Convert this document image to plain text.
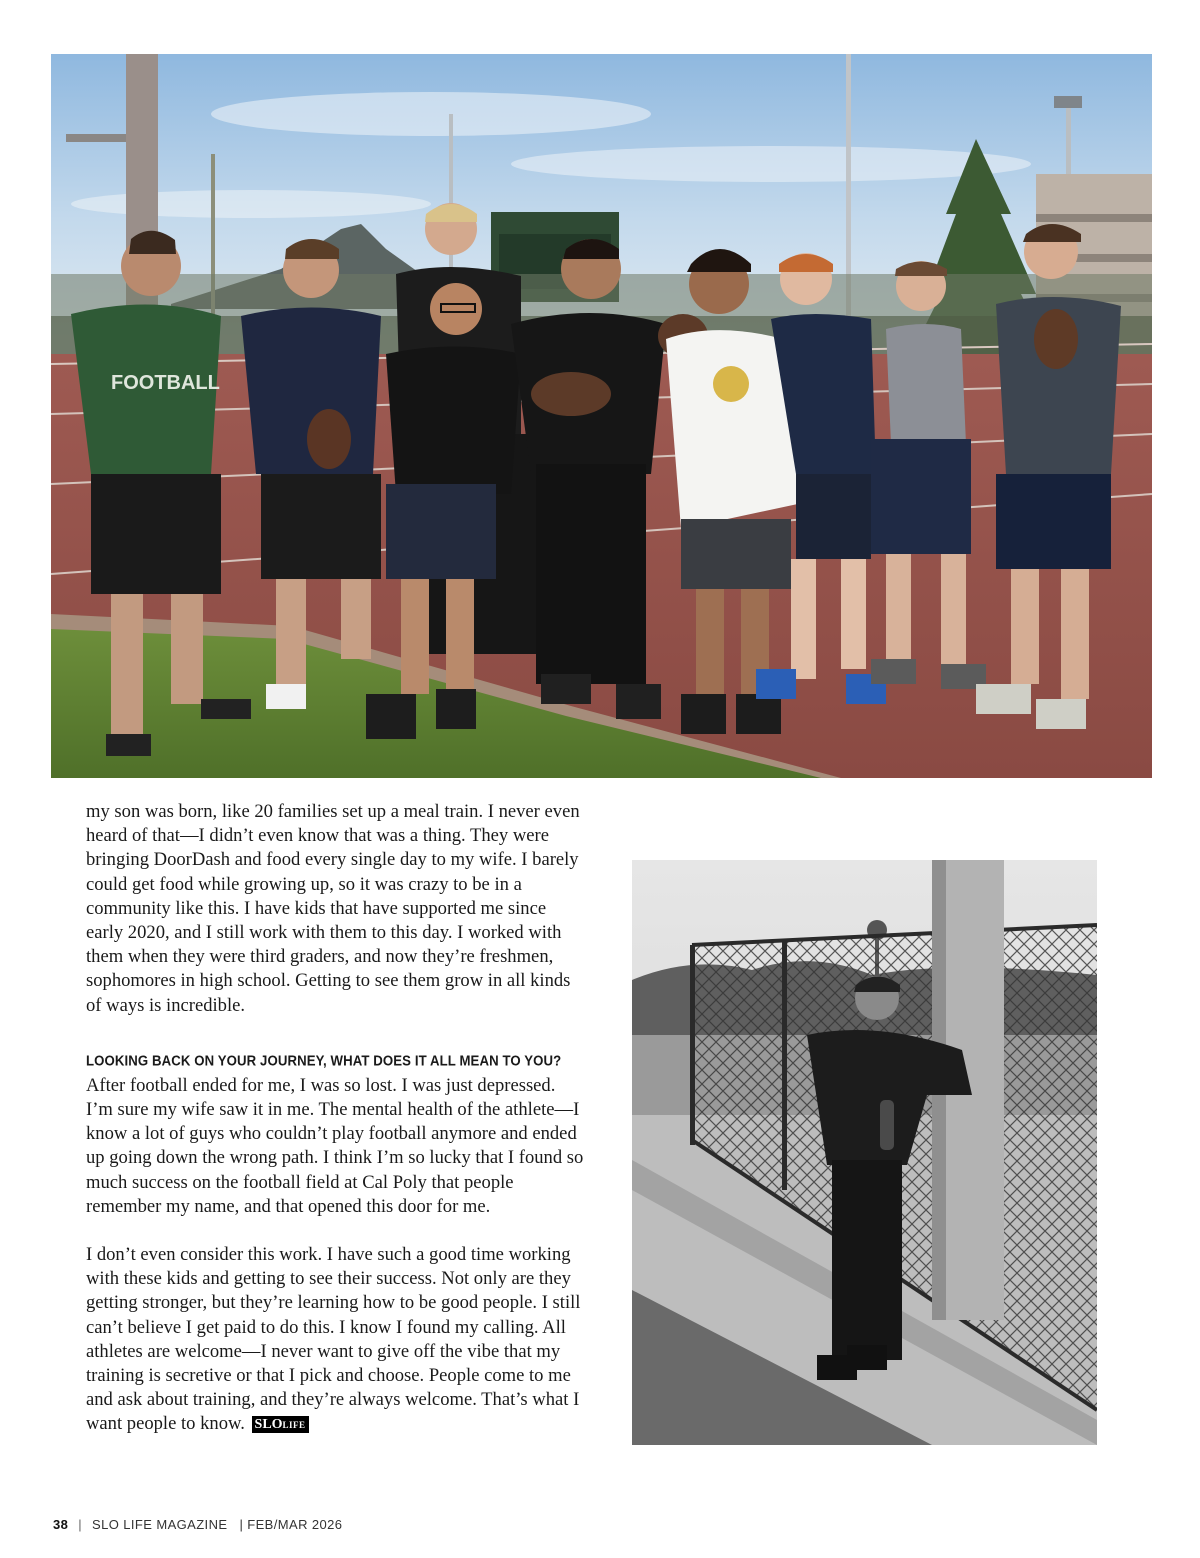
FOOTBALL

my son was born, like 20 families set up a meal train. I never even heard of that—I didn’t even know that was a thing. They were bringing DoorDash and food every single day to my wife. I barely could get food while growing up, so it was crazy to be in a community like this. I have kids that have supported me since early 2020, and I still work with them to this day. I worked with them when they were third graders, and now they’re freshmen, sophomores in high school. Getting to see them grow in all kinds of ways is incredible.

LOOKING BACK ON YOUR JOURNEY, WHAT DOES IT ALL MEAN TO YOU?

After football ended for me, I was so lost. I was just depressed. I’m sure my wife saw it in me. The mental health of the athlete—I know a lot of guys who couldn’t play football anymore and ended up going down the wrong path. I think I’m so lucky that I found so much success on the football field at Cal Poly that people remember my name, and that opened this door for me.

I don’t even consider this work. I have such a good time working with these kids and getting to see their success. Not only are they getting stronger, but they’re learning how to be good people. I still can’t believe I get paid to do this. I know I found my calling. All athletes are welcome—I never want to give off the vibe that my training is secretive or that I pick and choose. People come to me and ask about training, and they’re always welcome. That’s what I want people to know. SLOLIFE

38 | SLO LIFE MAGAZINE | FEB/MAR 2026
